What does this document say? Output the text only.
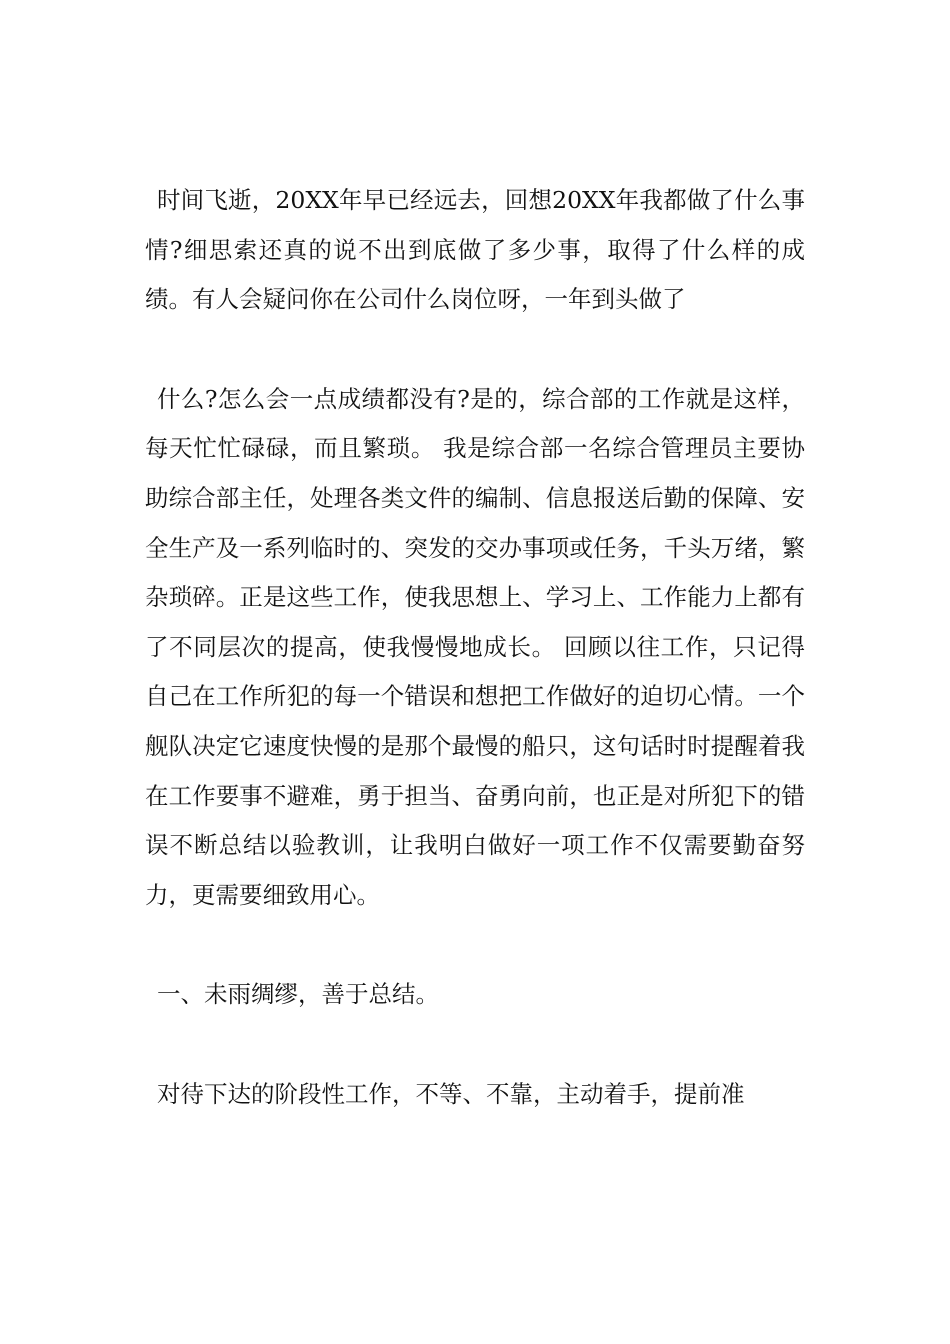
时间飞逝，20XX年早已经远去，回想20XX年我都做了什么事情?细思索还真的说不出到底做了多少事，取得了什么样的成绩。有人会疑问你在公司什么岗位呀，一年到头做了

什么?怎么会一点成绩都没有?是的，综合部的工作就是这样，每天忙忙碌碌，而且繁琐。 我是综合部一名综合管理员主要协助综合部主任，处理各类文件的编制、信息报送后勤的保障、安全生产及一系列临时的、突发的交办事项或任务，千头万绪，繁杂琐碎。正是这些工作，使我思想上、学习上、工作能力上都有了不同层次的提高，使我慢慢地成长。 回顾以往工作，只记得自己在工作所犯的每一个错误和想把工作做好的迫切心情。一个舰队决定它速度快慢的是那个最慢的船只，这句话时时提醒着我在工作要事不避难，勇于担当、奋勇向前，也正是对所犯下的错误不断总结以验教训，让我明白做好一项工作不仅需要勤奋努力，更需要细致用心。

一、未雨绸缪，善于总结。

对待下达的阶段性工作，不等、不靠，主动着手，提前准
